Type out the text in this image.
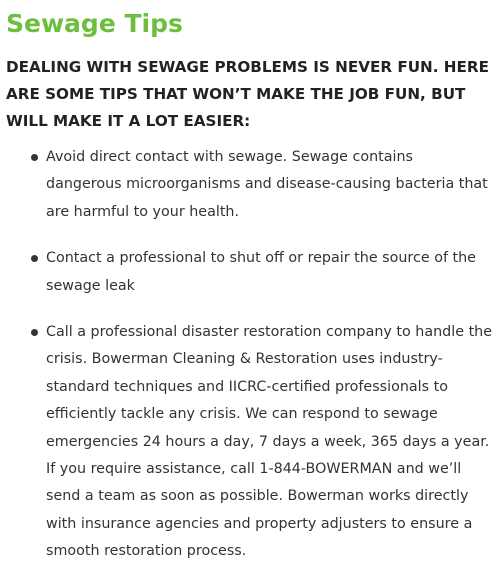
Sewage Tips

DEALING WITH SEWAGE PROBLEMS IS NEVER FUN. HERE ARE SOME TIPS THAT WON’T MAKE THE JOB FUN, BUT WILL MAKE IT A LOT EASIER:

Avoid direct contact with sewage. Sewage contains dangerous microorganisms and disease-causing bacteria that are harmful to your health.
Contact a professional to shut off or repair the source of the sewage leak
Call a professional disaster restoration company to handle the crisis. Bowerman Cleaning & Restoration uses industry-standard techniques and IICRC-certified professionals to efficiently tackle any crisis. We can respond to sewage emergencies 24 hours a day, 7 days a week, 365 days a year. If you require assistance, call 1-844-BOWERMAN and we’ll send a team as soon as possible. Bowerman works directly with insurance agencies and property adjusters to ensure a smooth restoration process.
